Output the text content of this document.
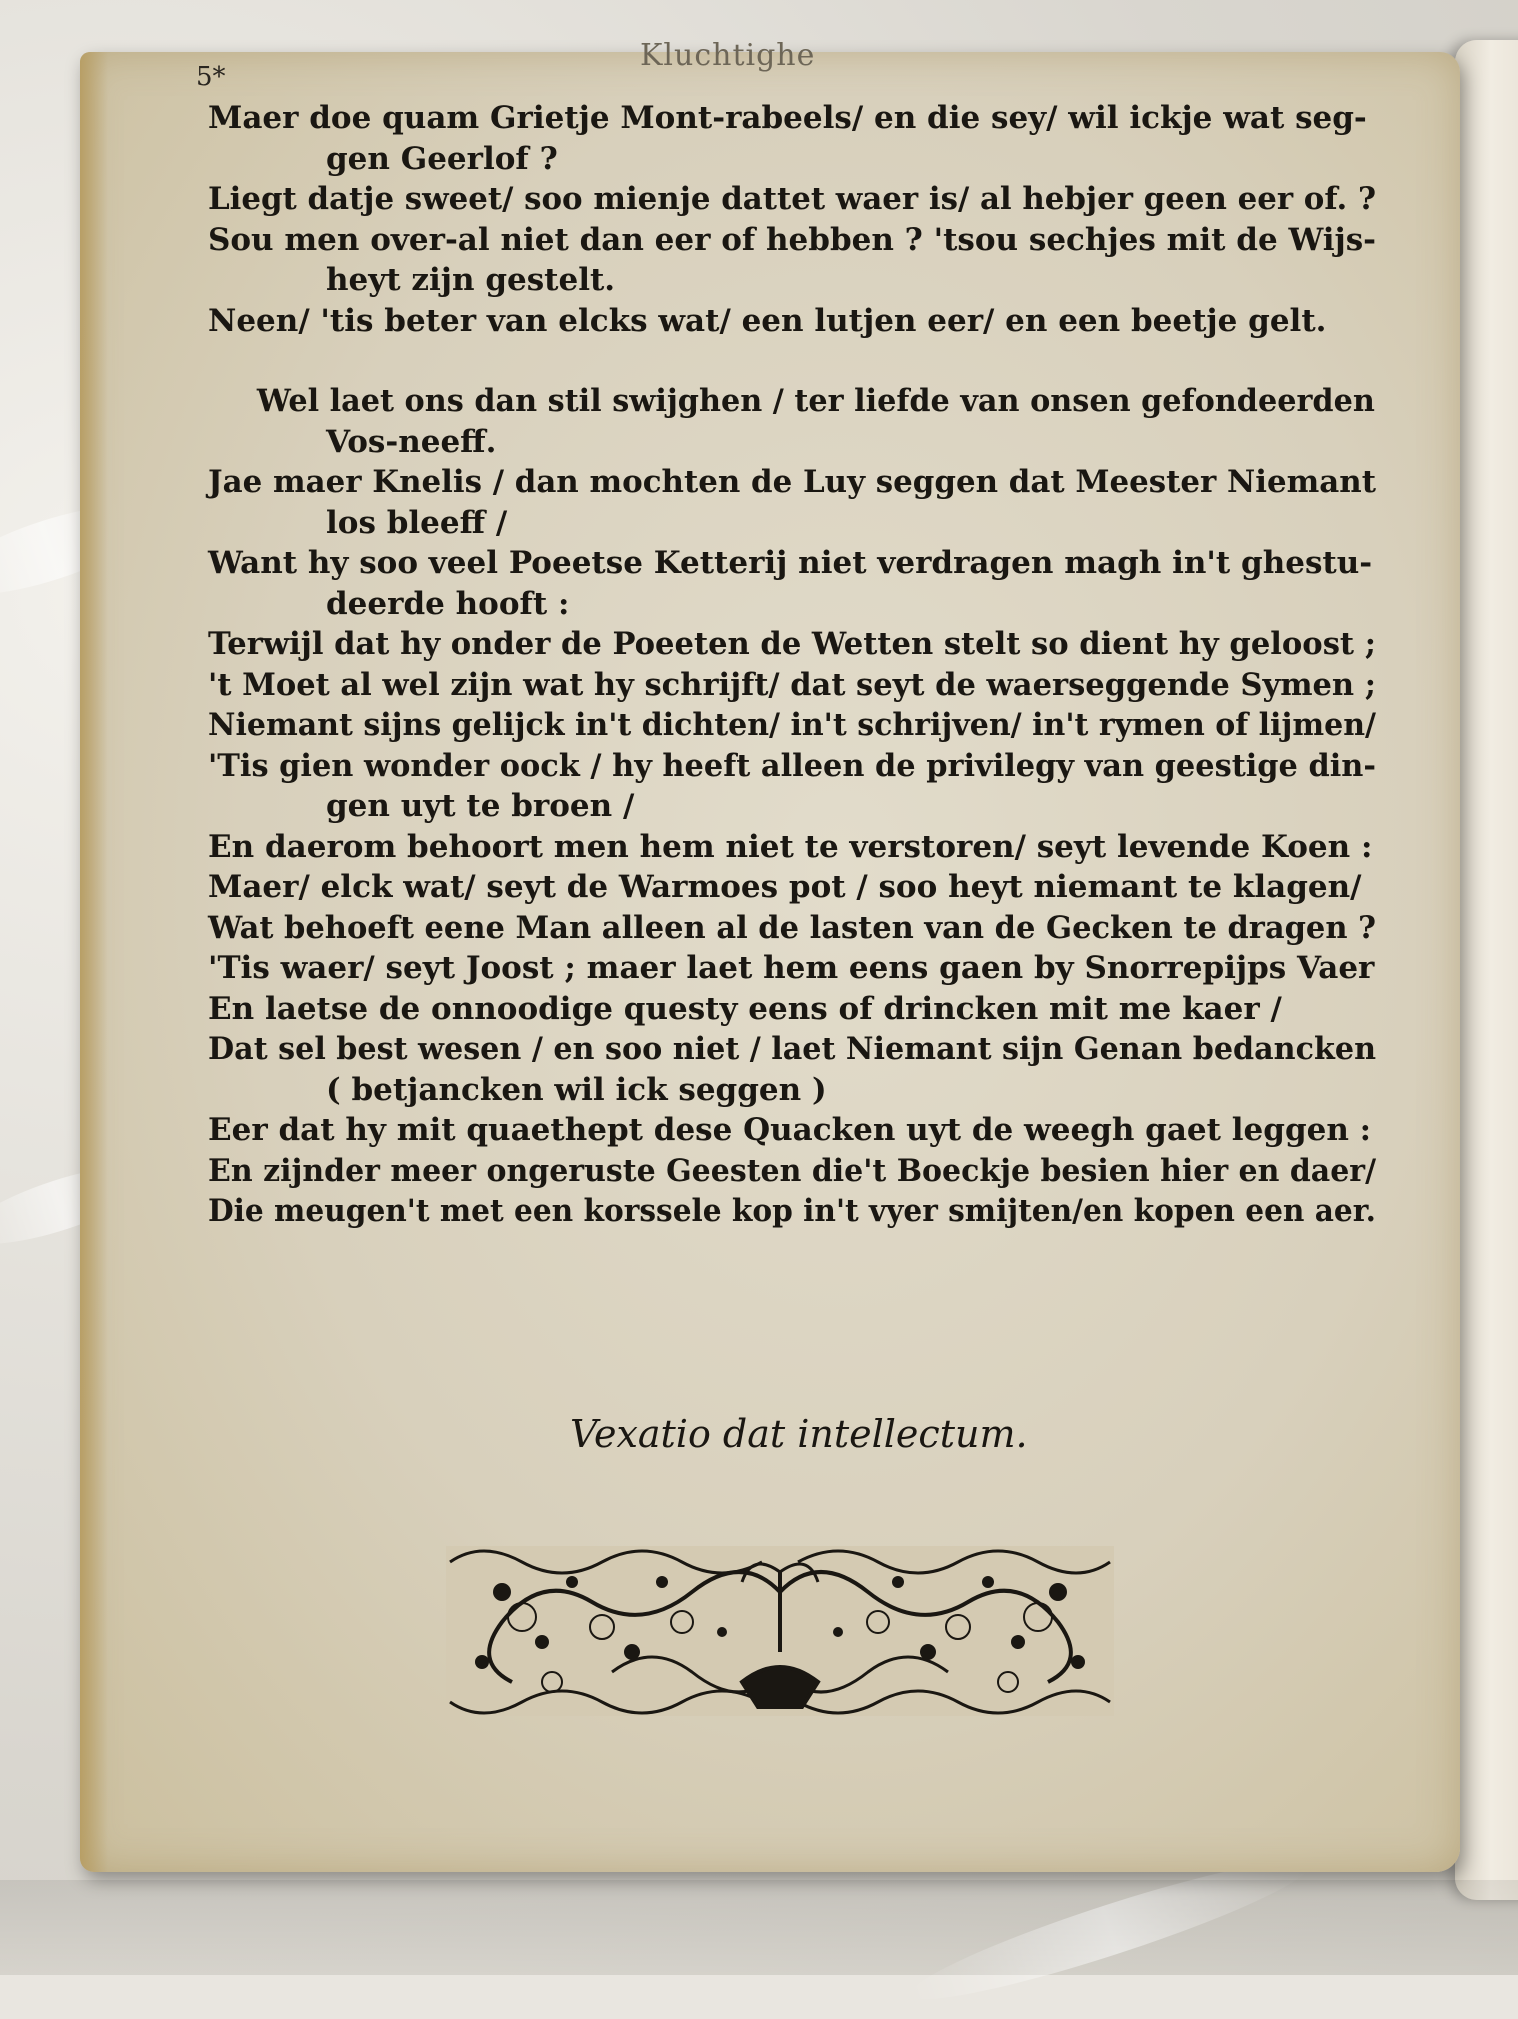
Kluchtighe
5*
Maer doe quam Grietje Mont-rabeels/ en die sey/ wil ickje wat seg-
gen Geerlof ?
Liegt datje sweet/ soo mienje dattet waer is/ al hebjer geen eer of. ?
Sou men over-al niet dan eer of hebben ? 'tsou sechjes mit de Wijs-
heyt zijn gestelt.
Neen/ 'tis beter van elcks wat/ een lutjen eer/ en een beetje gelt.
Wel laet ons dan stil swijghen / ter liefde van onsen gefondeerden
Vos-neeff.
Jae maer Knelis / dan mochten de Luy seggen dat Meester Niemant
los bleeff /
Want hy soo veel Poeetse Ketterij niet verdragen magh in't ghestu-
deerde hooft :
Terwijl dat hy onder de Poeeten de Wetten stelt so dient hy geloost ;
't Moet al wel zijn wat hy schrijft/ dat seyt de waerseggende Symen ;
Niemant sijns gelijck in't dichten/ in't schrijven/ in't rymen of lijmen/
'Tis gien wonder oock / hy heeft alleen de privilegy van geestige din-
gen uyt te broen /
En daerom behoort men hem niet te verstoren/ seyt levende Koen :
Maer/ elck wat/ seyt de Warmoes pot / soo heyt niemant te klagen/
Wat behoeft eene Man alleen al de lasten van de Gecken te dragen ?
'Tis waer/ seyt Joost ; maer laet hem eens gaen by Snorrepijps Vaer
En laetse de onnoodige questy eens of drincken mit me kaer /
Dat sel best wesen / en soo niet / laet Niemant sijn Genan bedancken
( betjancken wil ick seggen )
Eer dat hy mit quaethept dese Quacken uyt de weegh gaet leggen :
En zijnder meer ongeruste Geesten die't Boeckje besien hier en daer/
Die meugen't met een korssele kop in't vyer smijten/en kopen een aer.
Vexatio dat intellectum.
